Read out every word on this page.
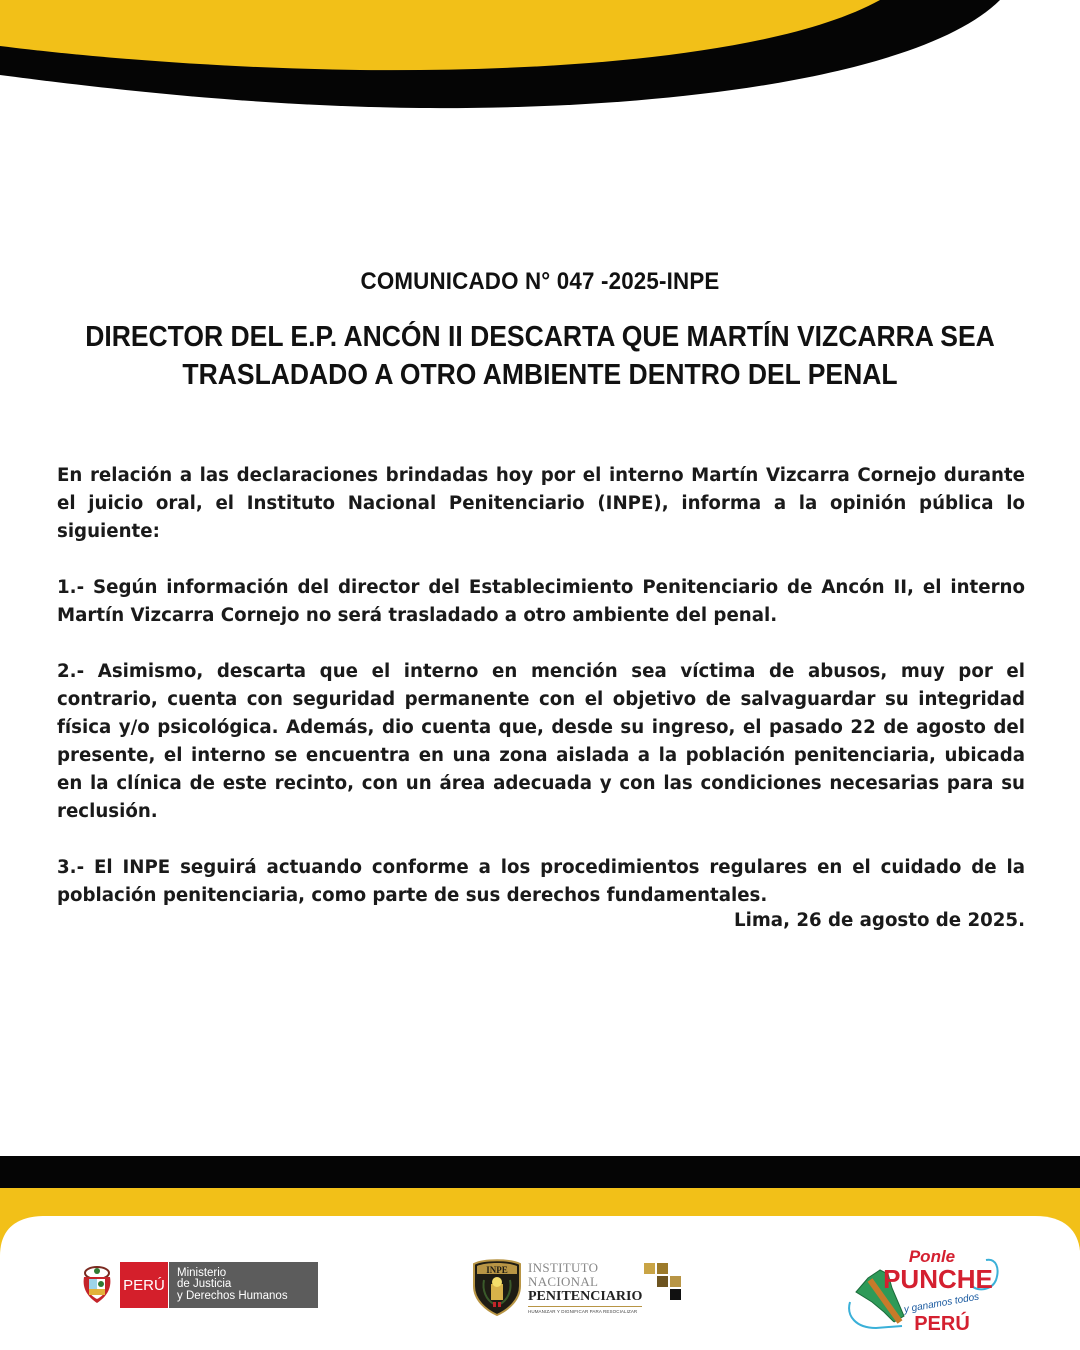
COMUNICADO N° 047 -2025-INPE
DIRECTOR DEL E.P. ANCÓN II DESCARTA QUE MARTÍN VIZCARRA SEA
TRASLADADO A OTRO AMBIENTE DENTRO DEL PENAL

En relación a las declaraciones brindadas hoy por el interno Martín Vizcarra Cornejo durante el juicio oral, el Instituto Nacional Penitenciario (INPE), informa a la opinión pública lo siguiente:

1.- Según información del director del Establecimiento Penitenciario de Ancón II, el interno Martín Vizcarra Cornejo no será trasladado a otro ambiente del penal.

2.- Asimismo, descarta que el interno en mención sea víctima de abusos, muy por el contrario, cuenta con seguridad permanente con el objetivo de salvaguardar su integridad física y/o psicológica. Además, dio cuenta que, desde su ingreso, el pasado 22 de agosto del presente, el interno se encuentra en una zona aislada a la población penitenciaria, ubicada en la clínica de este recinto, con un área adecuada y con las condiciones necesarias para su reclusión.

3.- El INPE seguirá actuando conforme a los procedimientos regulares en el cuidado de la población penitenciaria, como parte de sus derechos fundamentales.

Lima, 26 de agosto de 2025.
PERÚ
Ministerio
de Justicia
y Derechos Humanos
INPE INSTITUTO
NACIONAL
PENITENCIARIO
HUMANIZAR Y DIGNIFICAR PARA RESOCIALIZAR
Ponle
PUNCHE
y ganamos todos
PERÚ
